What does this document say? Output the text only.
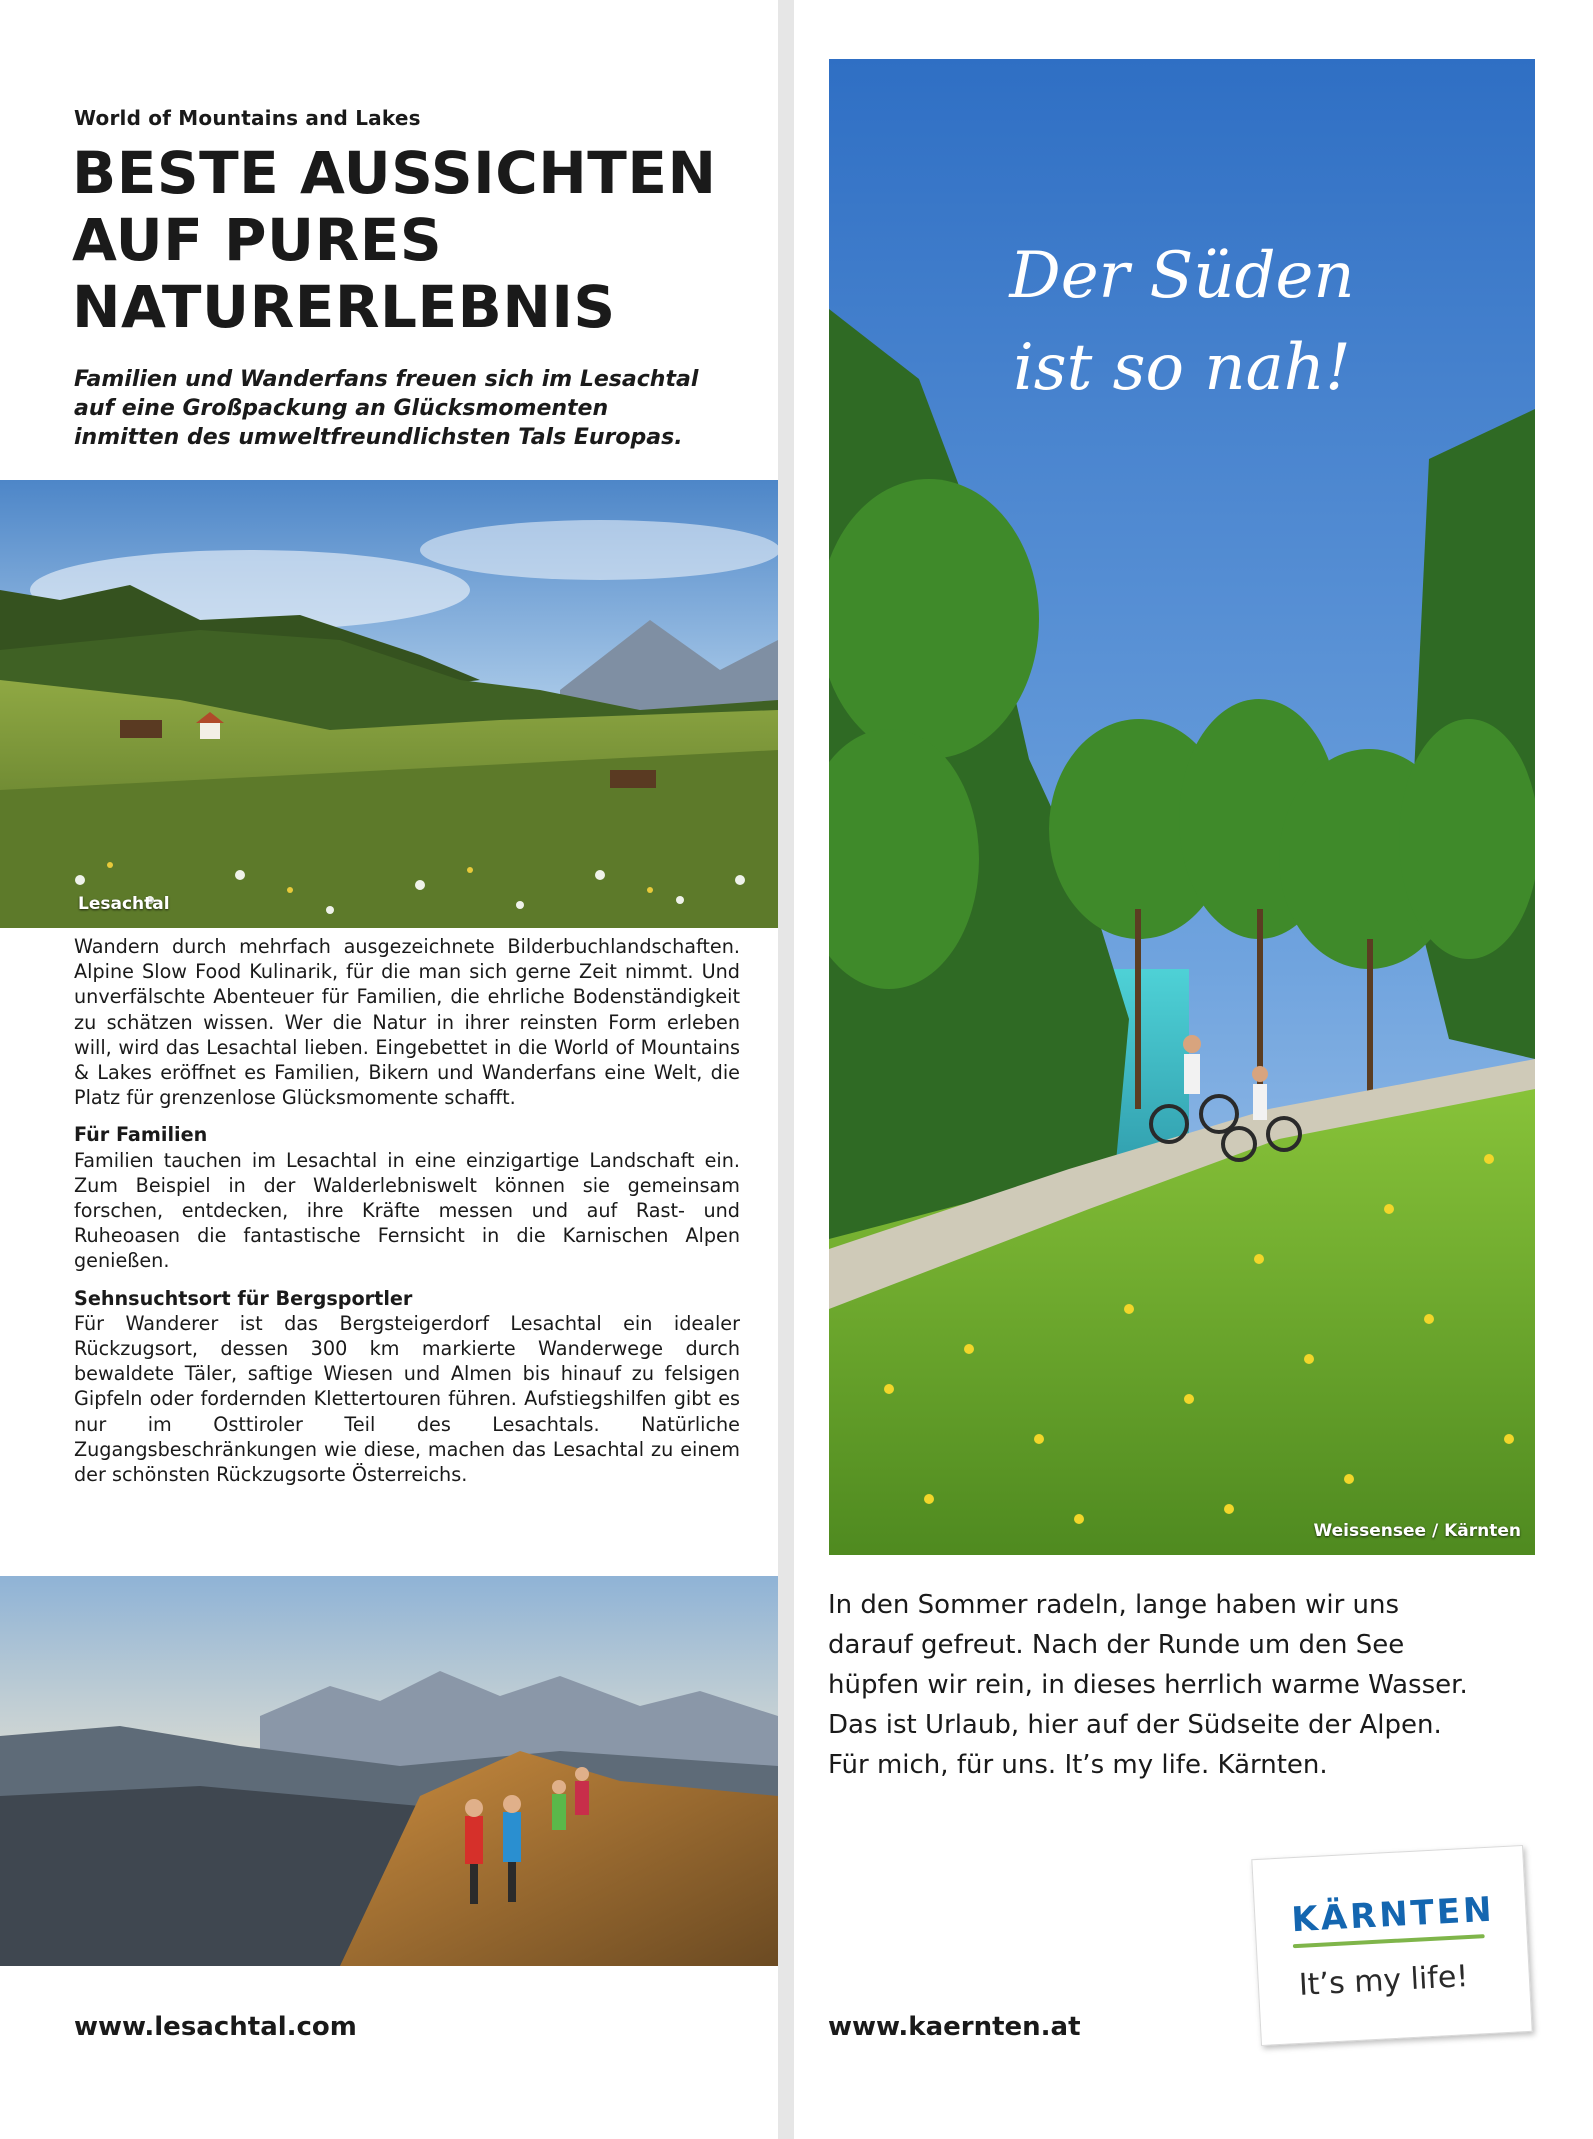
World of Mountains and Lakes
BESTE AUSSICHTEN
AUF PURES
NATURERLEBNIS
Familien und Wanderfans freuen sich im Lesachtal
auf eine Großpackung an Glücksmomenten
inmitten des umweltfreundlichsten Tals Europas.
Lesachtal

Wandern durch mehrfach ausgezeichnete Bilderbuchlandschaften. Alpine Slow Food Kulinarik, für die man sich gerne Zeit nimmt. Und unverfälschte Abenteuer für Familien, die ehrliche Bodenständigkeit zu schätzen wissen. Wer die Natur in ihrer reinsten Form erleben will, wird das Lesachtal lieben. Eingebettet in die World of Mountains & Lakes eröffnet es Familien, Bikern und Wanderfans eine Welt, die Platz für grenzenlose Glücksmomente schafft.

Für Familien

Familien tauchen im Lesachtal in eine einzigartige Landschaft ein. Zum Beispiel in der Walderlebniswelt können sie gemeinsam forschen, entdecken, ihre Kräfte messen und auf Rast- und Ruheoasen die fantastische Fernsicht in die Karnischen Alpen genießen.

Sehnsuchtsort für Bergsportler

Für Wanderer ist das Bergsteigerdorf Lesachtal ein idealer Rückzugsort, dessen 300 km markierte Wanderwege durch bewaldete Täler, saftige Wiesen und Almen bis hinauf zu felsigen Gipfeln oder fordernden Klettertouren führen. Aufstiegshilfen gibt es nur im Osttiroler Teil des Lesachtals. Natürliche Zugangsbeschränkungen wie diese, machen das Lesachtal zu einem der schönsten Rückzugsorte Österreichs.

www.lesachtal.com
Weissensee / Kärnten
Der Süden
ist so nah!
In den Sommer radeln, lange haben wir uns
darauf gefreut. Nach der Runde um den See
hüpfen wir rein, in dieses herrlich warme Wasser.
Das ist Urlaub, hier auf der Südseite der Alpen.
Für mich, für uns. It’s my life. Kärnten.
KÄRNTEN
It’s my life!
www.kaernten.at
